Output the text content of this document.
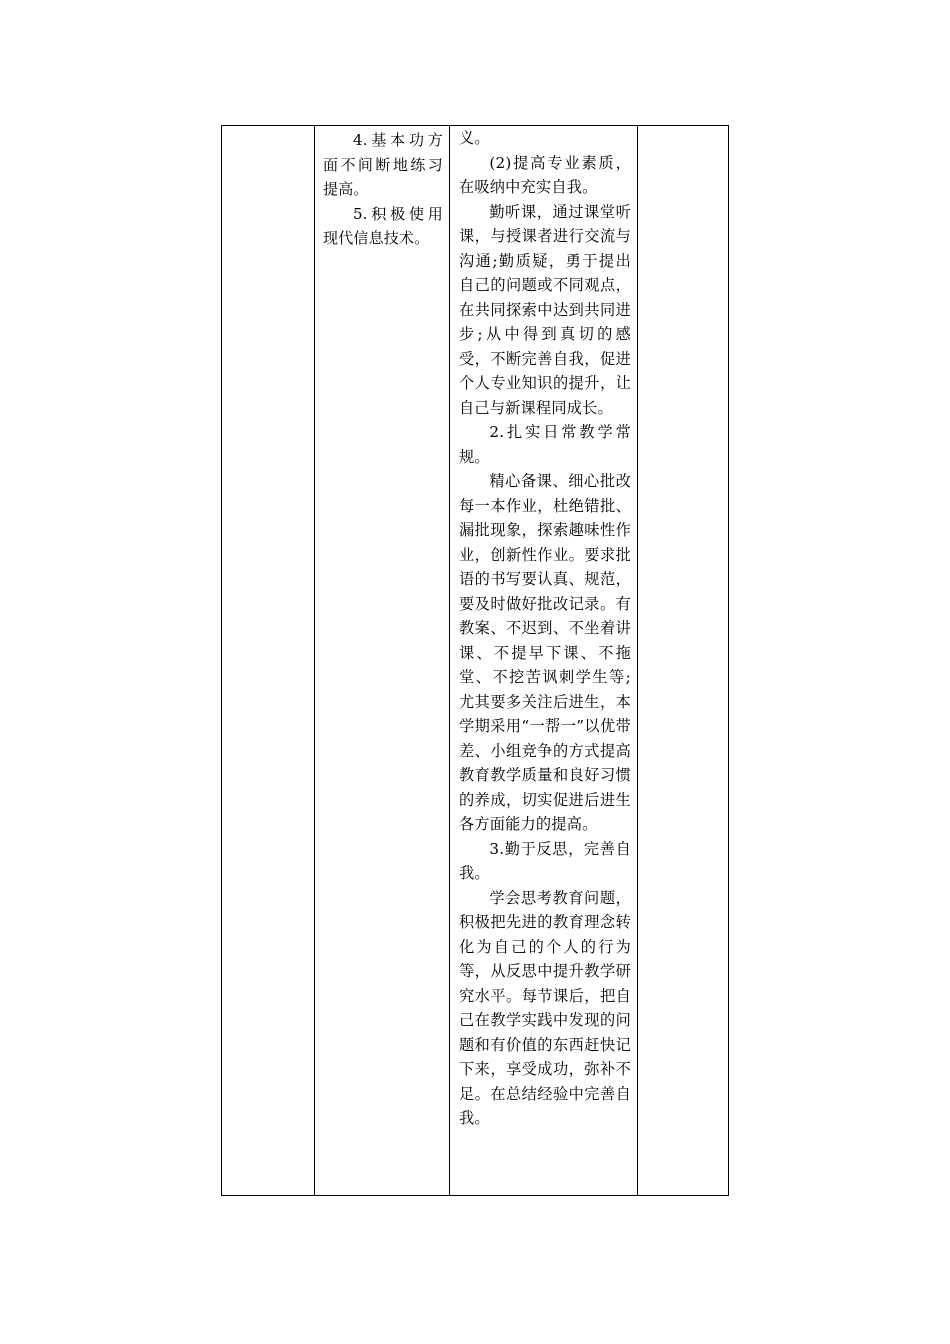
4.基本功方面不间断地练习提高。

5.积极使用现代信息技术。

义。

(2)提高专业素质，在吸纳中充实自我。

勤听课，通过课堂听课，与授课者进行交流与沟通;勤质疑，勇于提出自己的问题或不同观点，在共同探索中达到共同进步;从中得到真切的感受，不断完善自我，促进个人专业知识的提升，让自己与新课程同成长。

2.扎实日常教学常规。

精心备课、细心批改每一本作业，杜绝错批、漏批现象，探索趣味性作业，创新性作业。要求批语的书写要认真、规范，要及时做好批改记录。有教案、不迟到、不坐着讲课、不提早下课、不拖堂、不挖苦讽刺学生等;尤其要多关注后进生，本学期采用“一帮一”以优带差、小组竞争的方式提高教育教学质量和良好习惯的养成，切实促进后进生各方面能力的提高。

3.勤于反思，完善自我。

学会思考教育问题，积极把先进的教育理念转化为自己的个人的行为等，从反思中提升教学研究水平。每节课后，把自己在教学实践中发现的问题和有价值的东西赶快记下来，享受成功，弥补不足。在总结经验中完善自我。
